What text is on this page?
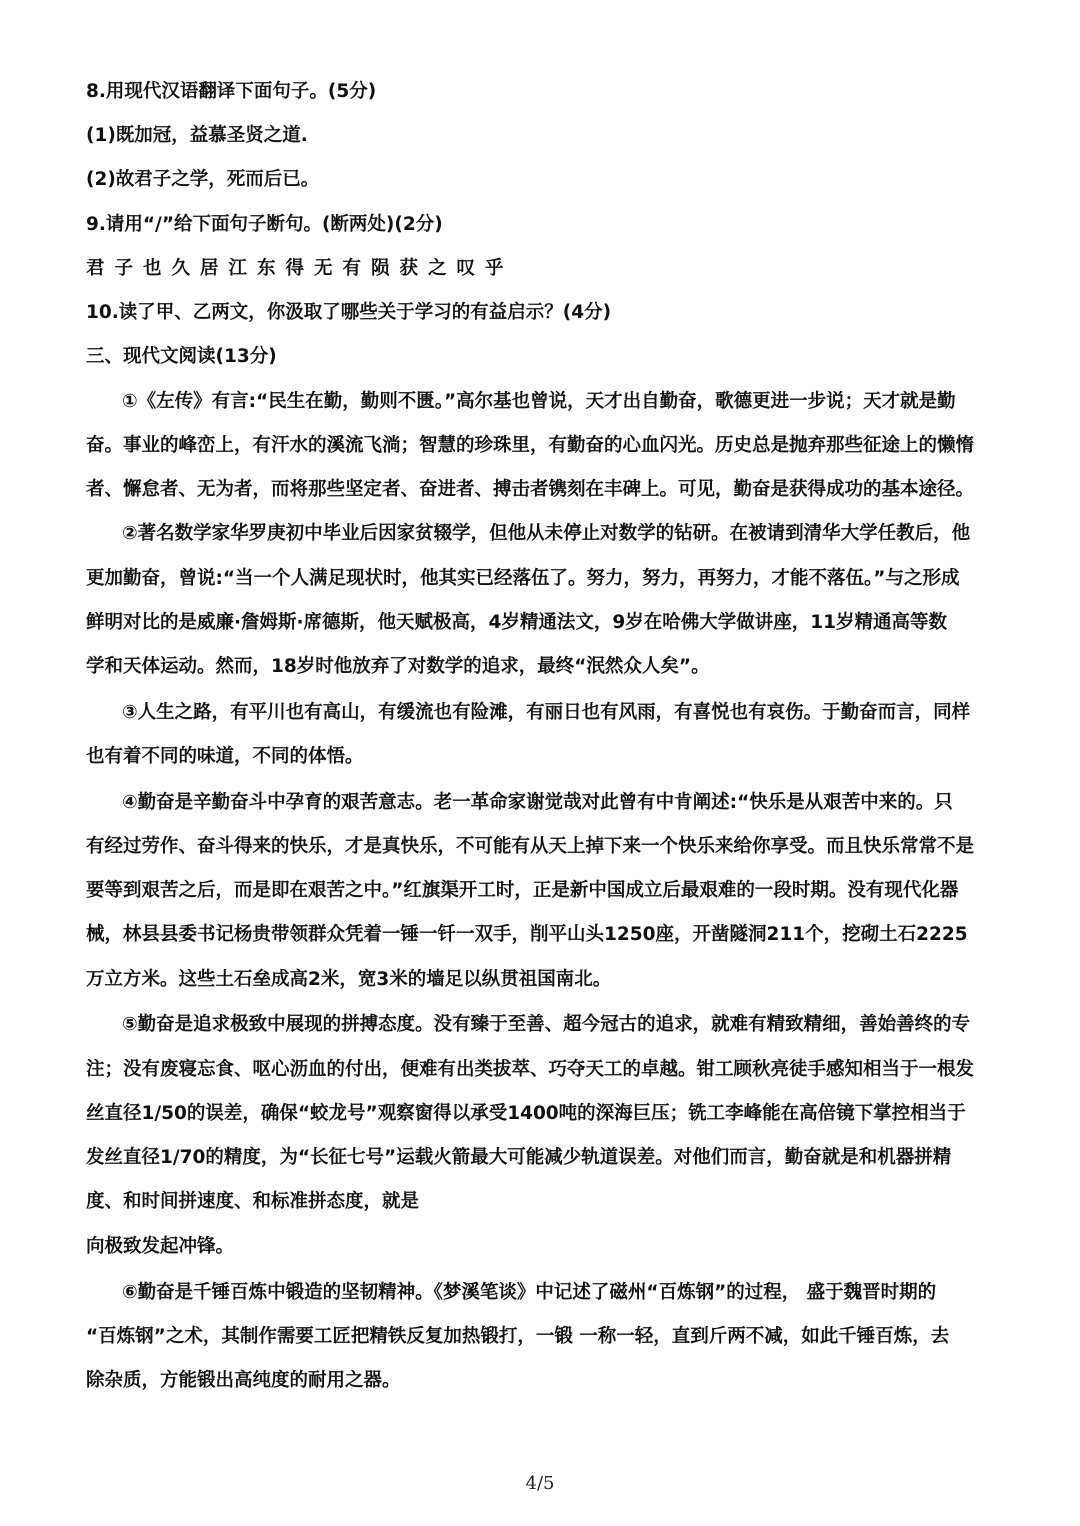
8.用现代汉语翻译下面句子。(5分)
(1)既加冠，益慕圣贤之道.
(2)故君子之学，死而后已。
9.请用“/”给下面句子断句。(断两处)(2分)
君子也久居江东得无有陨获之叹乎
10.读了甲、乙两文，你汲取了哪些关于学习的有益启示？(4分)
三、现代文阅读(13分)
①《左传》有言:“民生在勤，勤则不匮。”高尔基也曾说，天才出自勤奋，歌德更进一步说；天才就是勤
奋。事业的峰峦上，有汗水的溪流飞淌；智慧的珍珠里，有勤奋的心血闪光。历史总是抛弃那些征途上的懒惰
者、懈怠者、无为者，而将那些坚定者、奋进者、搏击者镌刻在丰碑上。可见，勤奋是获得成功的基本途径。
②著名数学家华罗庚初中毕业后因家贫辍学，但他从未停止对数学的钻研。在被请到清华大学任教后，他
更加勤奋，曾说:“当一个人满足现状时，他其实已经落伍了。努力，努力，再努力，才能不落伍。”与之形成
鲜明对比的是威廉·詹姆斯·席德斯，他天赋极高，4岁精通法文，9岁在哈佛大学做讲座，11岁精通高等数
学和天体运动。然而，18岁时他放弃了对数学的追求，最终“泯然众人矣”。
③人生之路，有平川也有高山，有缓流也有险滩，有丽日也有风雨，有喜悦也有哀伤。于勤奋而言，同样
也有着不同的味道，不同的体悟。
④勤奋是辛勤奋斗中孕育的艰苦意志。老一革命家谢觉哉对此曾有中肯阐述:“快乐是从艰苦中来的。只
有经过劳作、奋斗得来的快乐，才是真快乐，不可能有从天上掉下来一个快乐来给你享受。而且快乐常常不是
要等到艰苦之后，而是即在艰苦之中。”红旗渠开工时，正是新中国成立后最艰难的一段时期。没有现代化器
械，林县县委书记杨贵带领群众凭着一锤一钎一双手，削平山头1250座，开凿隧洞211个，挖砌土石2225
万立方米。这些土石垒成高2米，宽3米的墙足以纵贯祖国南北。
⑤勤奋是追求极致中展现的拼搏态度。没有臻于至善、超今冠古的追求，就难有精致精细，善始善终的专
注；没有废寝忘食、呕心沥血的付出，便难有出类拔萃、巧夺天工的卓越。钳工顾秋亮徒手感知相当于一根发
丝直径1/50的误差，确保“蛟龙号”观察窗得以承受1400吨的深海巨压；铣工李峰能在高倍镜下掌控相当于
发丝直径1/70的精度，为“长征七号”运载火箭最大可能减少轨道误差。对他们而言，勤奋就是和机器拼精
度、和时间拼速度、和标准拼态度，就是
向极致发起冲锋。
⑥勤奋是千锤百炼中锻造的坚韧精神。《梦溪笔谈》中记述了磁州“百炼钢”的过程， 盛于魏晋时期的
“百炼钢”之术，其制作需要工匠把精铁反复加热锻打，一锻 一称一轻，直到斤两不减，如此千锤百炼，去
除杂质，方能锻出高纯度的耐用之器。
4/5
